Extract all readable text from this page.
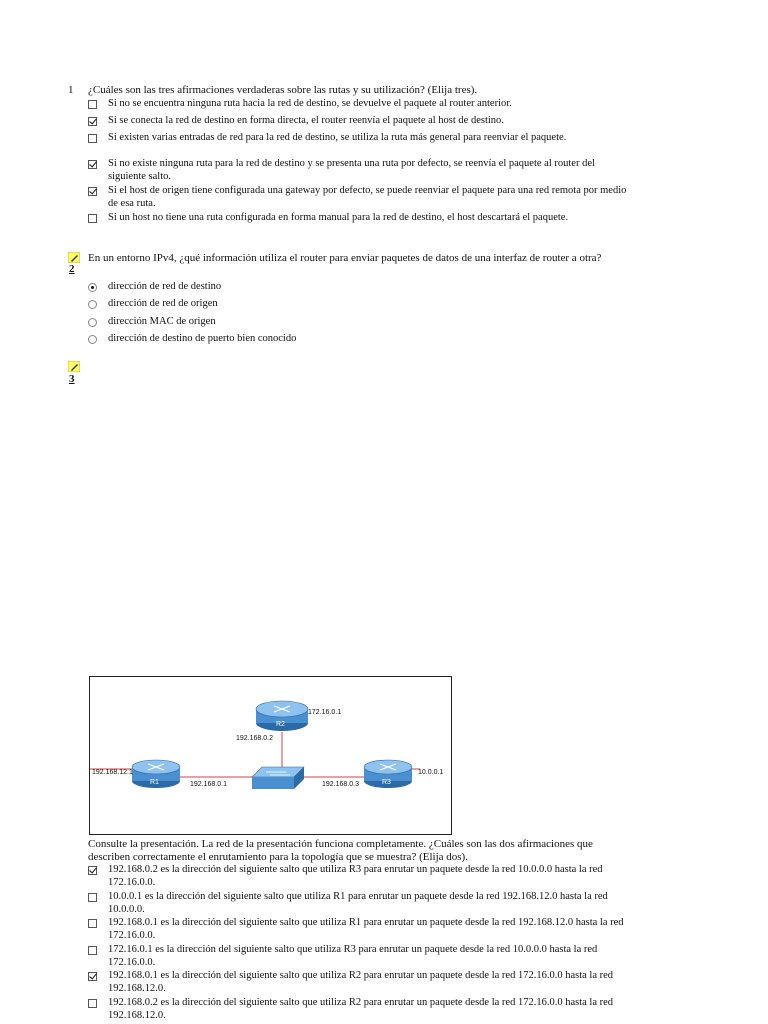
1 ¿Cuáles son las tres afirmaciones verdaderas sobre las rutas y su utilización? (Elija tres).
Si no se encuentra ninguna ruta hacia la red de destino, se devuelve el paquete al router anterior.
Si se conecta la red de destino en forma directa, el router reenvía el paquete al host de destino.
Si existen varias entradas de red para la red de destino, se utiliza la ruta más general para reenviar el paquete.
Si no existe ninguna ruta para la red de destino y se presenta una ruta por defecto, se reenvía el paquete al router del siguiente salto.
Si el host de origen tiene configurada una gateway por defecto, se puede reenviar el paquete para una red remota por medio de esa ruta.
Si un host no tiene una ruta configurada en forma manual para la red de destino, el host descartará el paquete.
2
En un entorno IPv4, ¿qué información utiliza el router para enviar paquetes de datos de una interfaz de router a otra?
dirección de red de destino
dirección de red de origen
dirección MAC de origen
dirección de destino de puerto bien conocido
3
R2
R1	R3
172.16.0.1
192.168.0.2
192.168.12.1
192.168.0.1	192.168.0.3
10.0.0.1
Consulte la presentación. La red de la presentación funciona completamente. ¿Cuáles son las dos afirmaciones que describen correctamente el enrutamiento para la topología que se muestra? (Elija dos).
192.168.0.2 es la dirección del siguiente salto que utiliza R3 para enrutar un paquete desde la red 10.0.0.0 hasta la red 172.16.0.0.
10.0.0.1 es la dirección del siguiente salto que utiliza R1 para enrutar un paquete desde la red 192.168.12.0 hasta la red 10.0.0.0.
192.168.0.1 es la dirección del siguiente salto que utiliza R1 para enrutar un paquete desde la red 192.168.12.0 hasta la red 172.16.0.0.
172.16.0.1 es la dirección del siguiente salto que utiliza R3 para enrutar un paquete desde la red 10.0.0.0 hasta la red 172.16.0.0.
192.168.0.1 es la dirección del siguiente salto que utiliza R2 para enrutar un paquete desde la red 172.16.0.0 hasta la red 192.168.12.0.
192.168.0.2 es la dirección del siguiente salto que utiliza R2 para enrutar un paquete desde la red 172.16.0.0 hasta la red 192.168.12.0.
